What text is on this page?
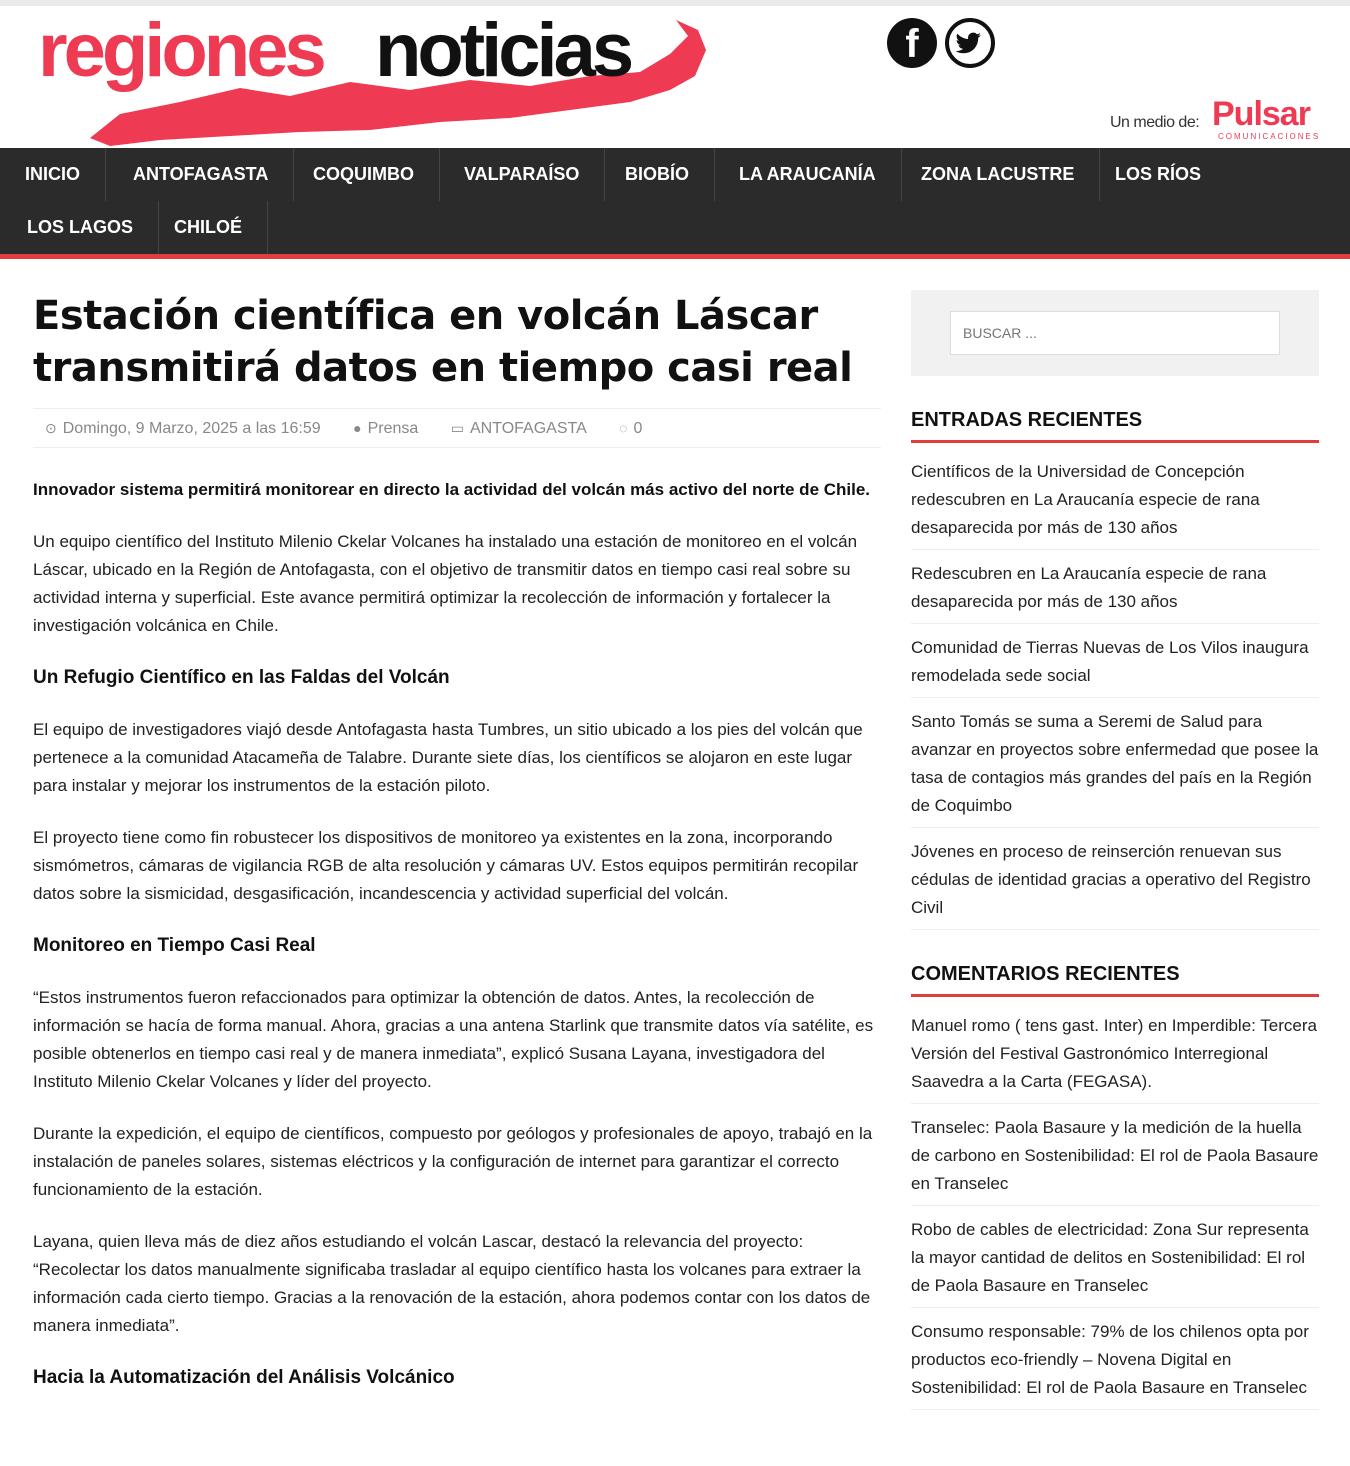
regiones noticias	f
Un medio de: Pulsar
COMUNICACIONES
INICIO	ANTOFAGASTA	COQUIMBO	VALPARAÍSO	BIOBÍO	LA ARAUCANÍA	ZONA LACUSTRE	LOS RÍOS
LOS LAGOS	CHILOÉ
Estación científica en volcán Láscar transmitirá datos en tiempo casi real
⊙ Domingo, 9 Marzo, 2025 a las 16:59 ● Prensa ▭ ANTOFAGASTA ◌ 0

Innovador sistema permitirá monitorear en directo la actividad del volcán más activo del norte de Chile.

Un equipo científico del Instituto Milenio Ckelar Volcanes ha instalado una estación de monitoreo en el volcán Láscar, ubicado en la Región de Antofagasta, con el objetivo de transmitir datos en tiempo casi real sobre su actividad interna y superficial. Este avance permitirá optimizar la recolección de información y fortalecer la investigación volcánica en Chile.

Un Refugio Científico en las Faldas del Volcán

El equipo de investigadores viajó desde Antofagasta hasta Tumbres, un sitio ubicado a los pies del volcán que pertenece a la comunidad Atacameña de Talabre. Durante siete días, los científicos se alojaron en este lugar para instalar y mejorar los instrumentos de la estación piloto.

El proyecto tiene como fin robustecer los dispositivos de monitoreo ya existentes en la zona, incorporando sismómetros, cámaras de vigilancia RGB de alta resolución y cámaras UV. Estos equipos permitirán recopilar datos sobre la sismicidad, desgasificación, incandescencia y actividad superficial del volcán.

Monitoreo en Tiempo Casi Real

“Estos instrumentos fueron refaccionados para optimizar la obtención de datos. Antes, la recolección de información se hacía de forma manual. Ahora, gracias a una antena Starlink que transmite datos vía satélite, es posible obtenerlos en tiempo casi real y de manera inmediata”, explicó Susana Layana, investigadora del Instituto Milenio Ckelar Volcanes y líder del proyecto.

Durante la expedición, el equipo de científicos, compuesto por geólogos y profesionales de apoyo, trabajó en la instalación de paneles solares, sistemas eléctricos y la configuración de internet para garantizar el correcto funcionamiento de la estación.

Layana, quien lleva más de diez años estudiando el volcán Lascar, destacó la relevancia del proyecto: “Recolectar los datos manualmente significaba trasladar al equipo científico hasta los volcanes para extraer la información cada cierto tiempo. Gracias a la renovación de la estación, ahora podemos contar con los datos de manera inmediata”.

Hacia la Automatización del Análisis Volcánico
BUSCAR ...
ENTRADAS RECIENTES
Científicos de la Universidad de Concepción redescubren en La Araucanía especie de rana desaparecida por más de 130 años
Redescubren en La Araucanía especie de rana desaparecida por más de 130 años
Comunidad de Tierras Nuevas de Los Vilos inaugura remodelada sede social
Santo Tomás se suma a Seremi de Salud para avanzar en proyectos sobre enfermedad que posee la tasa de contagios más grandes del país en la Región de Coquimbo
Jóvenes en proceso de reinserción renuevan sus cédulas de identidad gracias a operativo del Registro Civil
COMENTARIOS RECIENTES
Manuel romo ( tens gast. Inter) en Imperdible: Tercera Versión del Festival Gastronómico Interregional Saavedra a la Carta (FEGASA).
Transelec: Paola Basaure y la medición de la huella de carbono en Sostenibilidad: El rol de Paola Basaure en Transelec
Robo de cables de electricidad: Zona Sur representa la mayor cantidad de delitos en Sostenibilidad: El rol de Paola Basaure en Transelec
Consumo responsable: 79% de los chilenos opta por productos eco-friendly – Novena Digital en Sostenibilidad: El rol de Paola Basaure en Transelec
